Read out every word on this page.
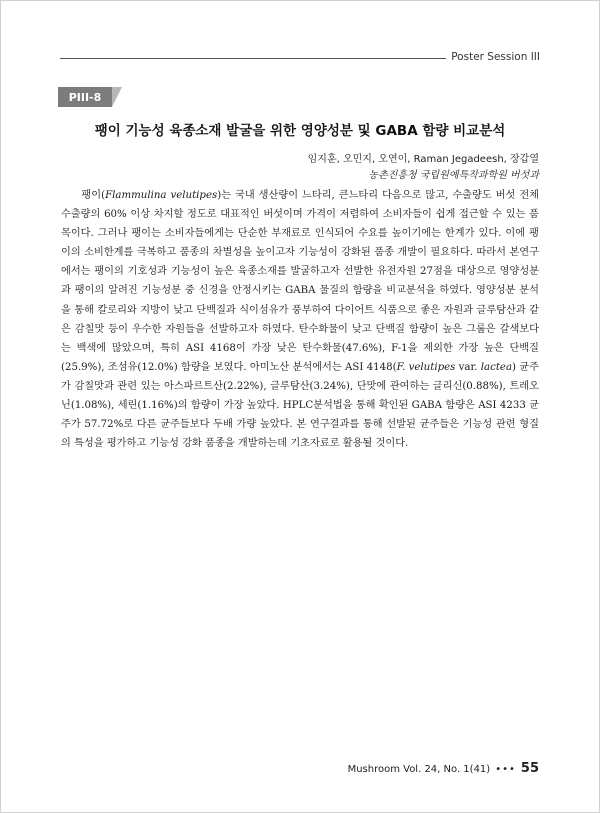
Poster Session III
PIII-8
팽이 기능성 육종소재 발굴을 위한 영양성분 및 GABA 함량 비교분석
임지훈, 오민지, 오연이, Raman Jegadeesh, 장갑열
농촌진흥청 국립원예특작과학원 버섯과

팽이(Flammulina velutipes)는 국내 생산량이 느타리, 큰느타리 다음으로 많고, 수출량도 버섯 전체 수출량의 60% 이상 차지할 정도로 대표적인 버섯이며 가격이 저렴하여 소비자들이 쉽게 접근할 수 있는 품목이다. 그러나 팽이는 소비자들에게는 단순한 부재료로 인식되어 수요를 높이기에는 한계가 있다. 이에 팽이의 소비한계를 극복하고 품종의 차별성을 높이고자 기능성이 강화된 품종 개발이 필요하다. 따라서 본연구에서는 팽이의 기호성과 기능성이 높은 육종소재를 발굴하고자 선발한 유전자원 27점을 대상으로 영양성분과 팽이의 알려진 기능성분 중 신경을 안정시키는 GABA 물질의 함량을 비교분석을 하였다. 영양성분 분석을 통해 칼로리와 지방이 낮고 단백질과 식이섬유가 풍부하여 다이어트 식품으로 좋은 자원과 글루탐산과 같은 감칠맛 등이 우수한 자원들을 선발하고자 하였다. 탄수화물이 낮고 단백질 함량이 높은 그룹은 갈색보다는 백색에 많았으며, 특히 ASI 4168이 가장 낮은 탄수화물(47.6%), F-1을 제외한 가장 높은 단백질(25.9%), 조섬유(12.0%) 함량을 보였다. 아미노산 분석에서는 ASI 4148(F. velutipes var. lactea) 균주가 감칠맛과 관련 있는 아스파르트산(2.22%), 글루탐산(3.24%), 단맛에 관여하는 글리신(0.88%), 트레오닌(1.08%), 세린(1.16%)의 함량이 가장 높았다. HPLC분석법을 통해 확인된 GABA 함량은 ASI 4233 균주가 57.72%로 다른 균주들보다 두배 가량 높았다. 본 연구결과를 통해 선발된 균주들은 기능성 관련 형질의 특성을 평가하고 기능성 강화 품종을 개발하는데 기초자료로 활용될 것이다.

Mushroom Vol. 24, No. 1(41) ••• 55
